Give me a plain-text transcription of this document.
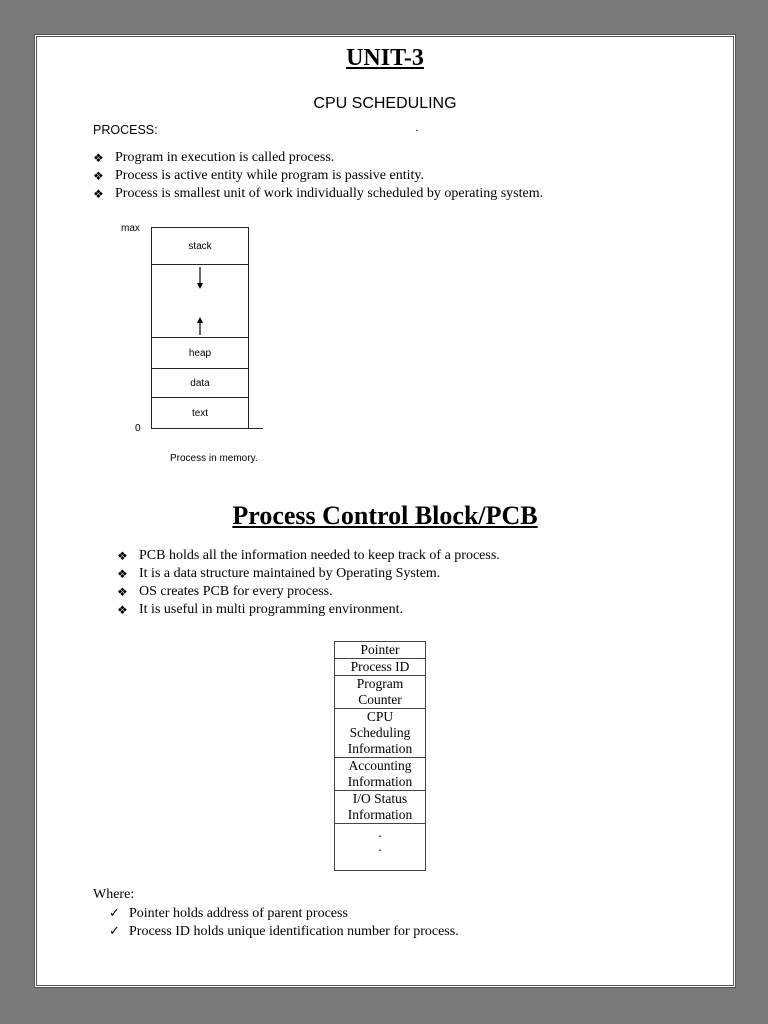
UNIT-3
CPU SCHEDULING
PROCESS:	·
❖ Program in execution is called process.
❖ Process is active entity while program is passive entity.
❖ Process is smallest unit of work individually scheduled by operating system.
max
stack
heap
data
text
0
Process in memory.
Process Control Block/PCB
❖ PCB holds all the information needed to keep track of a process.
❖ It is a data structure maintained by Operating System.
❖ OS creates PCB for every process.
❖ It is useful in multi programming environment.
Pointer
Process ID
Program Counter
CPU Scheduling Information
Accounting Information
I/O Status Information
·
·
Where:
✓ Pointer holds address of parent process
✓ Process ID holds unique identification number for process.
